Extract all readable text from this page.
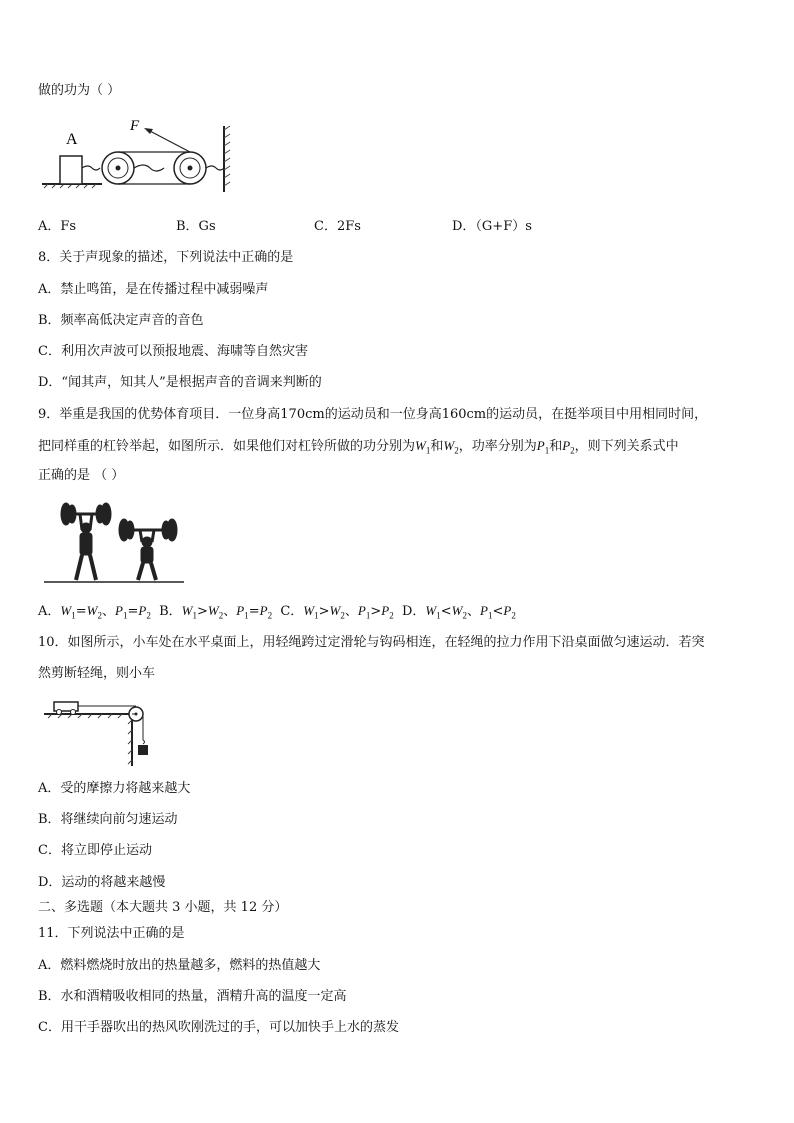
做的功为（ ）
A
F
A．Fs	B．Gs	C．2Fs	D．（G+F）s
8．关于声现象的描述，下列说法中正确的是
A．禁止鸣笛，是在传播过程中减弱噪声
B．频率高低决定声音的音色
C．利用次声波可以预报地震、海啸等自然灾害
D．“闻其声，知其人”是根据声音的音调来判断的
9．举重是我国的优势体育项目．一位身高170cm的运动员和一位身高160cm的运动员，在挺举项目中用相同时间，
把同样重的杠铃举起，如图所示．如果他们对杠铃所做的功分别为$W_1$和$W_2$，功率分别为$P_1$和$P_2$，则下列关系式中
正确的是 （ ）
A．$W_1=W_2$、$P_1=P_2$ B．$W_1>W_2$、$P_1=P_2$ C．$W_1>W_2$、$P_1>P_2$ D．$W_1<W_2$、$P_1<P_2$
10．如图所示，小车处在水平桌面上，用轻绳跨过定滑轮与钩码相连，在轻绳的拉力作用下沿桌面做匀速运动．若突
然剪断轻绳，则小车
A．受的摩擦力将越来越大
B．将继续向前匀速运动
C．将立即停止运动
D．运动的将越来越慢
二、多选题（本大题共 3 小题，共 12 分）
11．下列说法中正确的是
A．燃料燃烧时放出的热量越多，燃料的热值越大
B．水和酒精吸收相同的热量，酒精升高的温度一定高
C．用干手器吹出的热风吹刚洗过的手，可以加快手上水的蒸发
